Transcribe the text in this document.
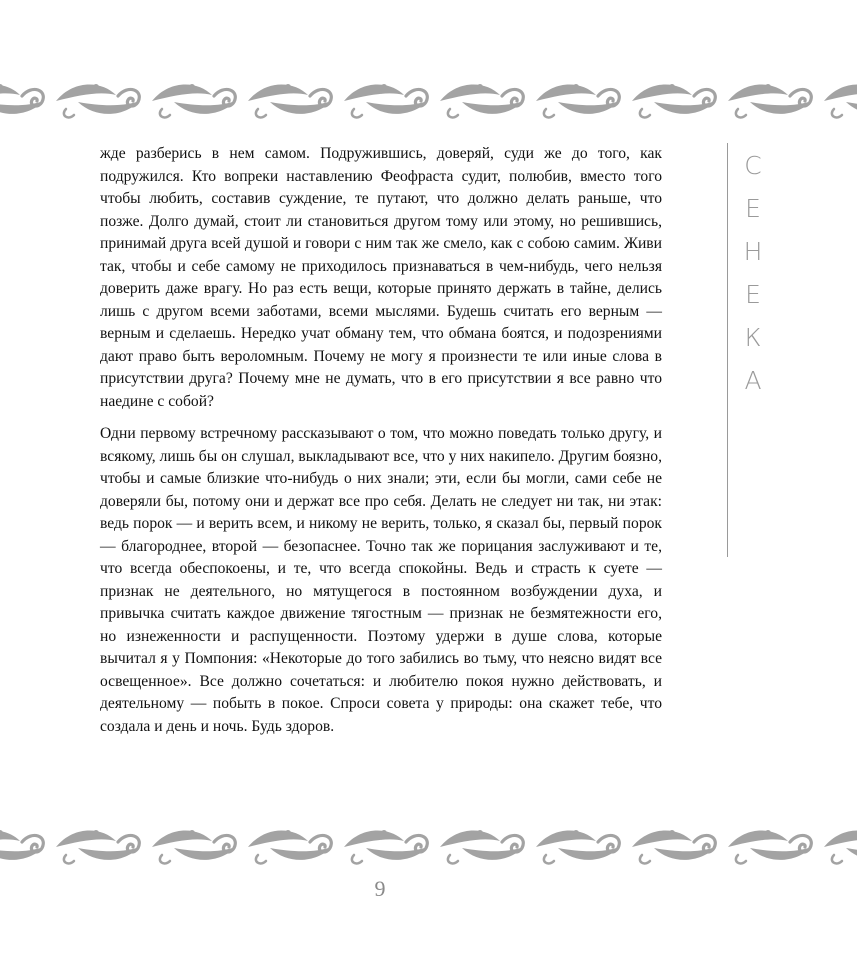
жде разберись в нем самом. Подружившись, доверяй, суди же до того, как подружился. Кто вопреки наставлению Феофраста судит, полюбив, вместо того чтобы любить, составив суждение, те путают, что должно делать раньше, что позже. Долго думай, стоит ли становиться другом тому или этому, но решившись, принимай друга всей душой и говори с ним так же смело, как с собою самим. Живи так, чтобы и себе самому не приходилось признаваться в чем-нибудь, чего нельзя доверить даже врагу. Но раз есть вещи, которые принято держать в тайне, делись лишь с другом всеми заботами, всеми мыслями. Будешь считать его верным — верным и сделаешь. Нередко учат обману тем, что обмана боятся, и подозрениями дают право быть вероломным. Почему не могу я произнести те или иные слова в присутствии друга? Почему мне не думать, что в его присутствии я все равно что наедине с собой?

Одни первому встречному рассказывают о том, что можно поведать только другу, и всякому, лишь бы он слушал, выкладывают все, что у них накипело. Другим боязно, чтобы и самые близкие что-нибудь о них знали; эти, если бы могли, сами себе не доверяли бы, потому они и держат все про себя. Делать не следует ни так, ни этак: ведь порок — и верить всем, и никому не верить, только, я сказал бы, первый порок — благороднее, второй — безопаснее. Точно так же порицания заслуживают и те, что всегда обеспокоены, и те, что всегда спокойны. Ведь и страсть к суете — признак не деятельного, но мятущегося в постоянном возбуждении духа, и привычка считать каждое движение тягостным — признак не безмятежности его, но изнеженности и распущенности. Поэтому удержи в душе слова, которые вычитал я у Помпония: «Некоторые до того забились во тьму, что неясно видят все освещенное». Все должно сочетаться: и любителю покоя нужно действовать, и деятельному — побыть в покое. Спроси совета у природы: она скажет тебе, что создала и день и ночь. Будь здоров.

С
Е
Н
Е
К
А
9
